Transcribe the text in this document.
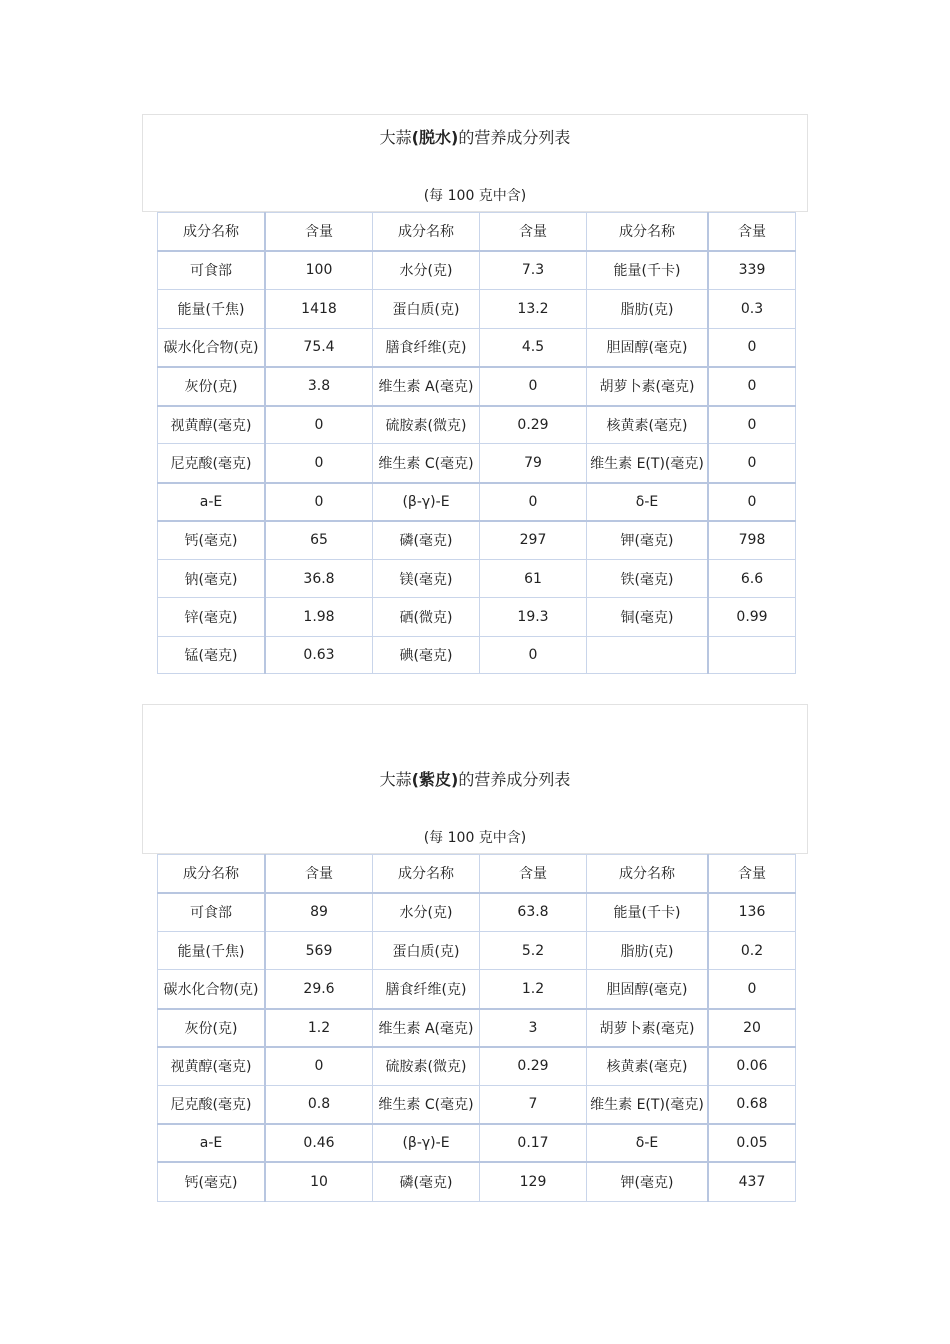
大蒜(脱水)的营养成分列表
(每 100 克中含)
成分名称	含量	成分名称	含量	成分名称	含量
可食部	100	水分(克)	7.3	能量(千卡)	339
能量(千焦)	1418	蛋白质(克)	13.2	脂肪(克)	0.3
碳水化合物(克)	75.4	膳食纤维(克)	4.5	胆固醇(毫克)	0
灰份(克)	3.8	维生素 A(毫克)	0	胡萝卜素(毫克)	0
视黄醇(毫克)	0	硫胺素(微克)	0.29	核黄素(毫克)	0
尼克酸(毫克)	0	维生素 C(毫克)	79	维生素 E(T)(毫克)	0
a-E	0	(β-γ)-E	0	δ-E	0
钙(毫克)	65	磷(毫克)	297	钾(毫克)	798
钠(毫克)	36.8	镁(毫克)	61	铁(毫克)	6.6
锌(毫克)	1.98	硒(微克)	19.3	铜(毫克)	0.99
锰(毫克)	0.63	碘(毫克)	0		
大蒜(紫皮)的营养成分列表
(每 100 克中含)
成分名称	含量	成分名称	含量	成分名称	含量
可食部	89	水分(克)	63.8	能量(千卡)	136
能量(千焦)	569	蛋白质(克)	5.2	脂肪(克)	0.2
碳水化合物(克)	29.6	膳食纤维(克)	1.2	胆固醇(毫克)	0
灰份(克)	1.2	维生素 A(毫克)	3	胡萝卜素(毫克)	20
视黄醇(毫克)	0	硫胺素(微克)	0.29	核黄素(毫克)	0.06
尼克酸(毫克)	0.8	维生素 C(毫克)	7	维生素 E(T)(毫克)	0.68
a-E	0.46	(β-γ)-E	0.17	δ-E	0.05
钙(毫克)	10	磷(毫克)	129	钾(毫克)	437
